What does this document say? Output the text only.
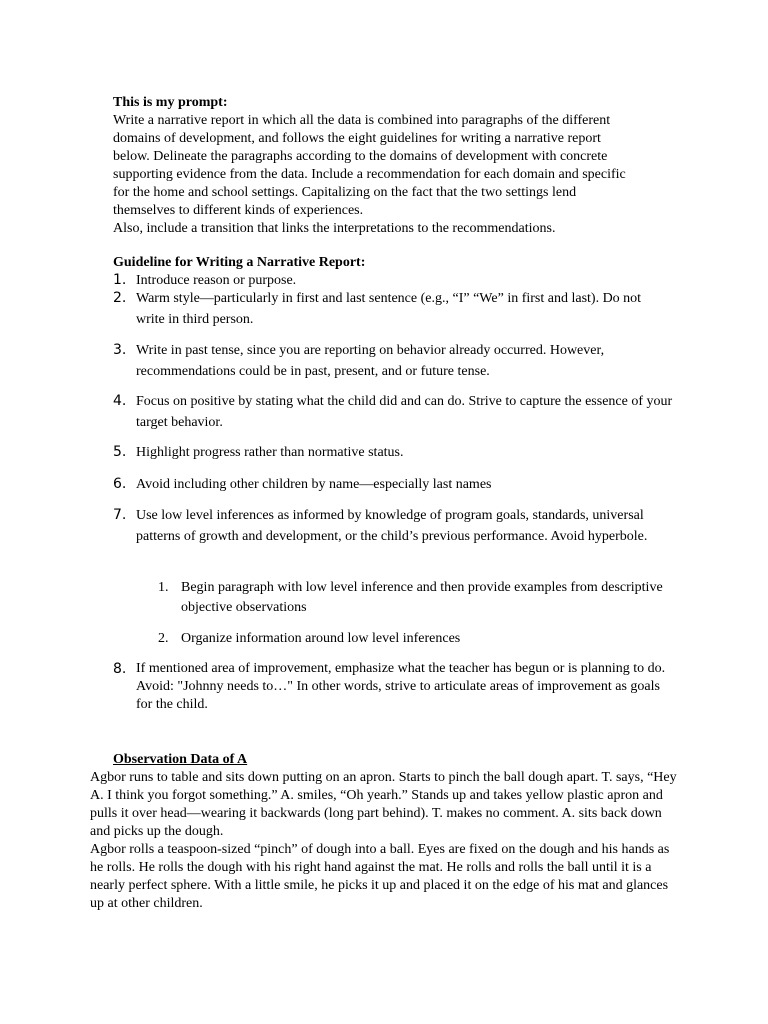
This is my prompt:
Write a narrative report in which all the data is combined into paragraphs of the different
domains of development, and follows the eight guidelines for writing a narrative report
below. Delineate the paragraphs according to the domains of development with concrete
supporting evidence from the data. Include a recommendation for each domain and specific
for the home and school settings. Capitalizing on the fact that the two settings lend
themselves to different kinds of experiences.
Also, include a transition that links the interpretations to the recommendations.
Guideline for Writing a Narrative Report:
1. Introduce reason or purpose.
2. Warm style—particularly in first and last sentence (e.g., “I” “We” in first and last). Do not write in third person.
3. Write in past tense, since you are reporting on behavior already occurred. However, recommendations could be in past, present, and or future tense.
4. Focus on positive by stating what the child did and can do. Strive to capture the essence of your target behavior.
5. Highlight progress rather than normative status.
6. Avoid including other children by name—especially last names
7. Use low level inferences as informed by knowledge of program goals, standards, universal patterns of growth and development, or the child’s previous performance. Avoid hyperbole.
1. Begin paragraph with low level inference and then provide examples from descriptive objective observations
2. Organize information around low level inferences
8. If mentioned area of improvement, emphasize what the teacher has begun or is planning to do. Avoid: "Johnny needs to…" In other words, strive to articulate areas of improvement as goals for the child.
Observation Data of A
Agbor runs to table and sits down putting on an apron. Starts to pinch the ball dough apart. T. says, “Hey A. I think you forgot something.” A. smiles, “Oh yearh.” Stands up and takes yellow plastic apron and pulls it over head—wearing it backwards (long part behind). T. makes no comment. A. sits back down and picks up the dough.
Agbor rolls a teaspoon-sized “pinch” of dough into a ball. Eyes are fixed on the dough and his hands as he rolls. He rolls the dough with his right hand against the mat. He rolls and rolls the ball until it is a nearly perfect sphere. With a little smile, he picks it up and placed it on the edge of his mat and glances up at other children.
